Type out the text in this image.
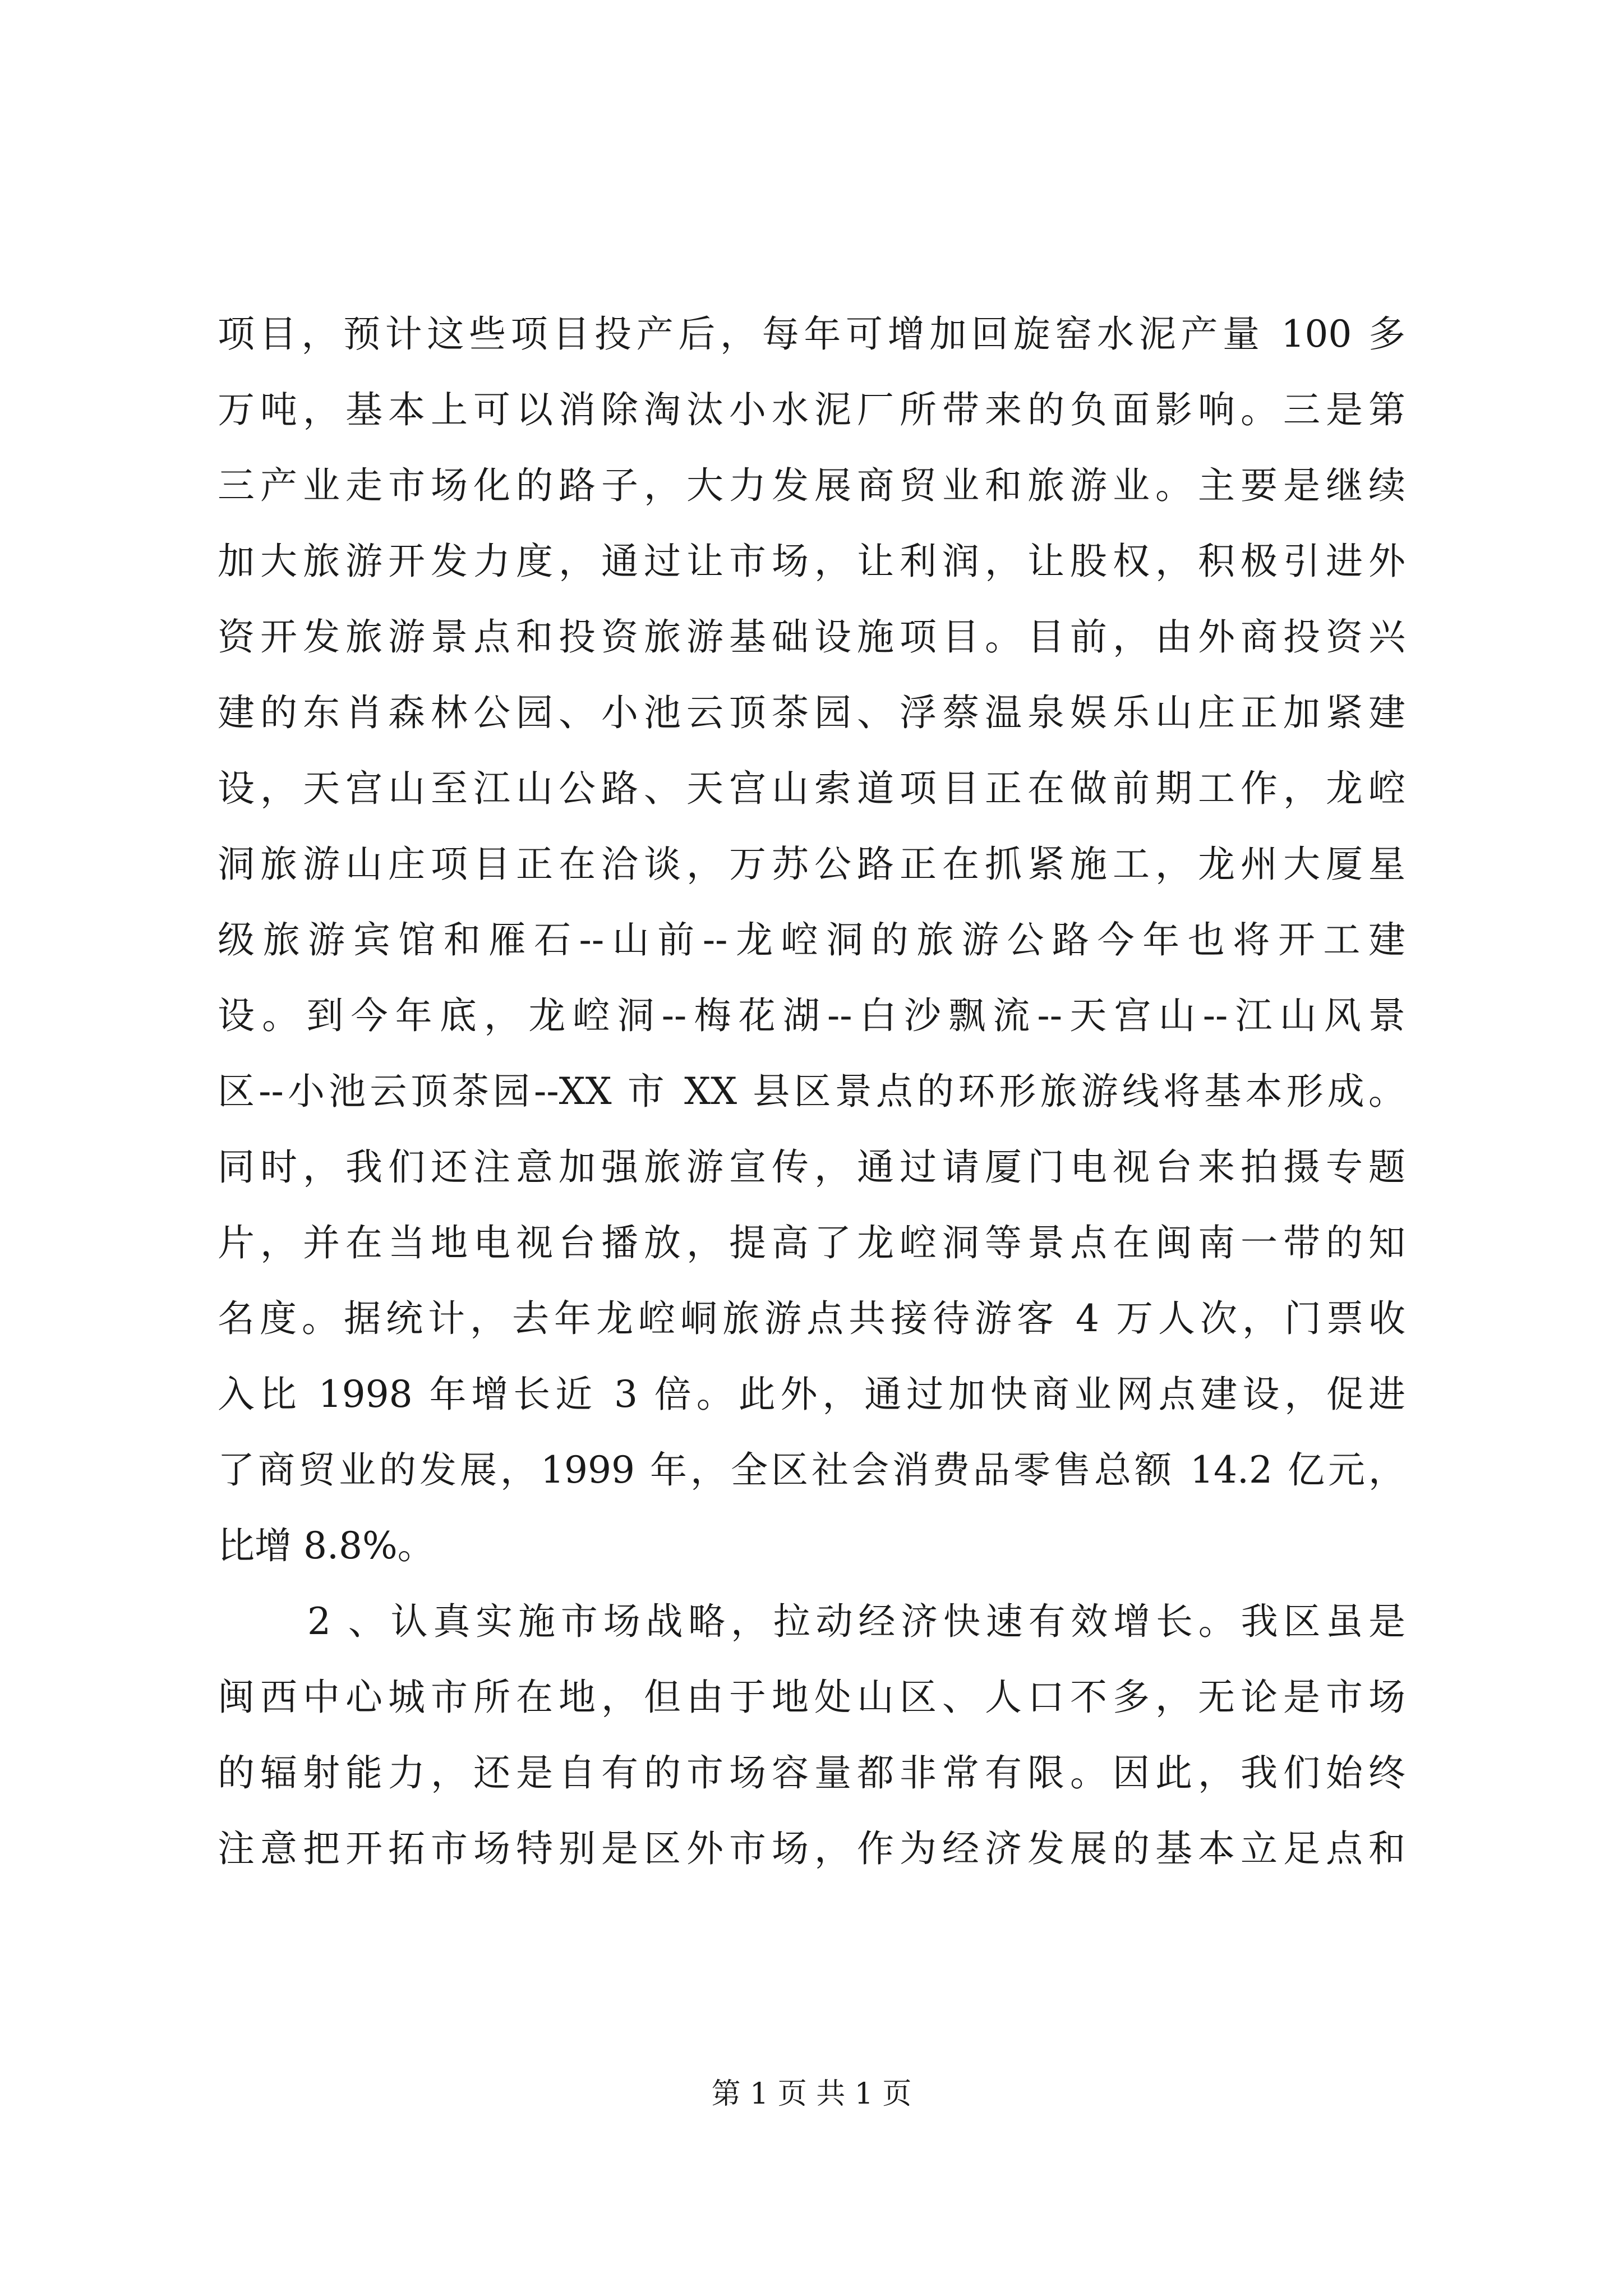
项目，预计这些项目投产后，每年可增加回旋窑水泥产量 100 多
万吨，基本上可以消除淘汰小水泥厂所带来的负面影响。三是第
三产业走市场化的路子，大力发展商贸业和旅游业。主要是继续
加大旅游开发力度，通过让市场，让利润，让股权，积极引进外
资开发旅游景点和投资旅游基础设施项目。目前，由外商投资兴
建的东肖森林公园、小池云顶茶园、浮蔡温泉娱乐山庄正加紧建
设，天宫山至江山公路、天宫山索道项目正在做前期工作，龙崆
洞旅游山庄项目正在洽谈，万苏公路正在抓紧施工，龙州大厦星
级旅游宾馆和雁石--山前--龙崆洞的旅游公路今年也将开工建
设。到今年底，龙崆洞--梅花湖--白沙飘流--天宫山--江山风景
区--小池云顶茶园--XX 市 XX 县区景点的环形旅游线将基本形成。
同时，我们还注意加强旅游宣传，通过请厦门电视台来拍摄专题
片，并在当地电视台播放，提高了龙崆洞等景点在闽南一带的知
名度。据统计，去年龙崆峒旅游点共接待游客 4 万人次，门票收
入比 1998 年增长近 3 倍。此外，通过加快商业网点建设，促进
了商贸业的发展，1999 年，全区社会消费品零售总额 14.2 亿元，
比增 8.8%。
2 、认真实施市场战略，拉动经济快速有效增长。我区虽是
闽西中心城市所在地，但由于地处山区、人口不多，无论是市场
的辐射能力，还是自有的市场容量都非常有限。因此，我们始终
注意把开拓市场特别是区外市场，作为经济发展的基本立足点和
第 1 页 共 1 页
